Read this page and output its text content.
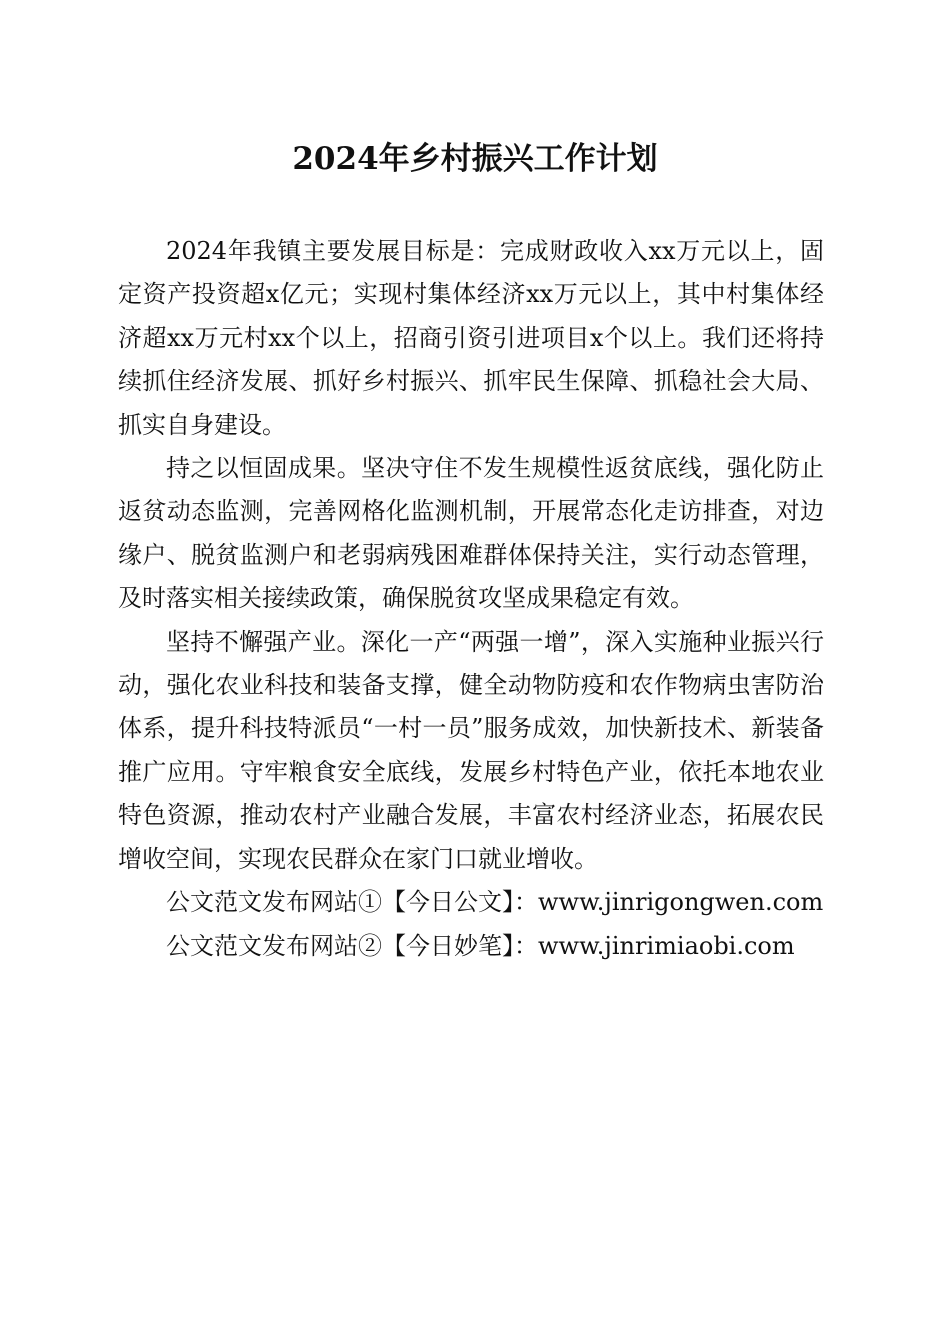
2024年乡村振兴工作计划

2024年我镇主要发展目标是：完成财政收入xx万元以上，固定资产投资超x亿元；实现村集体经济xx万元以上，其中村集体经济超xx万元村xx个以上，招商引资引进项目x个以上。我们还将持续抓住经济发展、抓好乡村振兴、抓牢民生保障、抓稳社会大局、抓实自身建设。

持之以恒固成果。坚决守住不发生规模性返贫底线，强化防止返贫动态监测，完善网格化监测机制，开展常态化走访排查，对边缘户、脱贫监测户和老弱病残困难群体保持关注，实行动态管理，及时落实相关接续政策，确保脱贫攻坚成果稳定有效。

坚持不懈强产业。深化一产“两强一增”，深入实施种业振兴行动，强化农业科技和装备支撑，健全动物防疫和农作物病虫害防治体系，提升科技特派员“一村一员”服务成效，加快新技术、新装备推广应用。守牢粮食安全底线，发展乡村特色产业，依托本地农业特色资源，推动农村产业融合发展，丰富农村经济业态，拓展农民增收空间，实现农民群众在家门口就业增收。

公文范文发布网站①【今日公文】：www.jinrigongwen.com

公文范文发布网站②【今日妙笔】：www.jinrimiaobi.com
